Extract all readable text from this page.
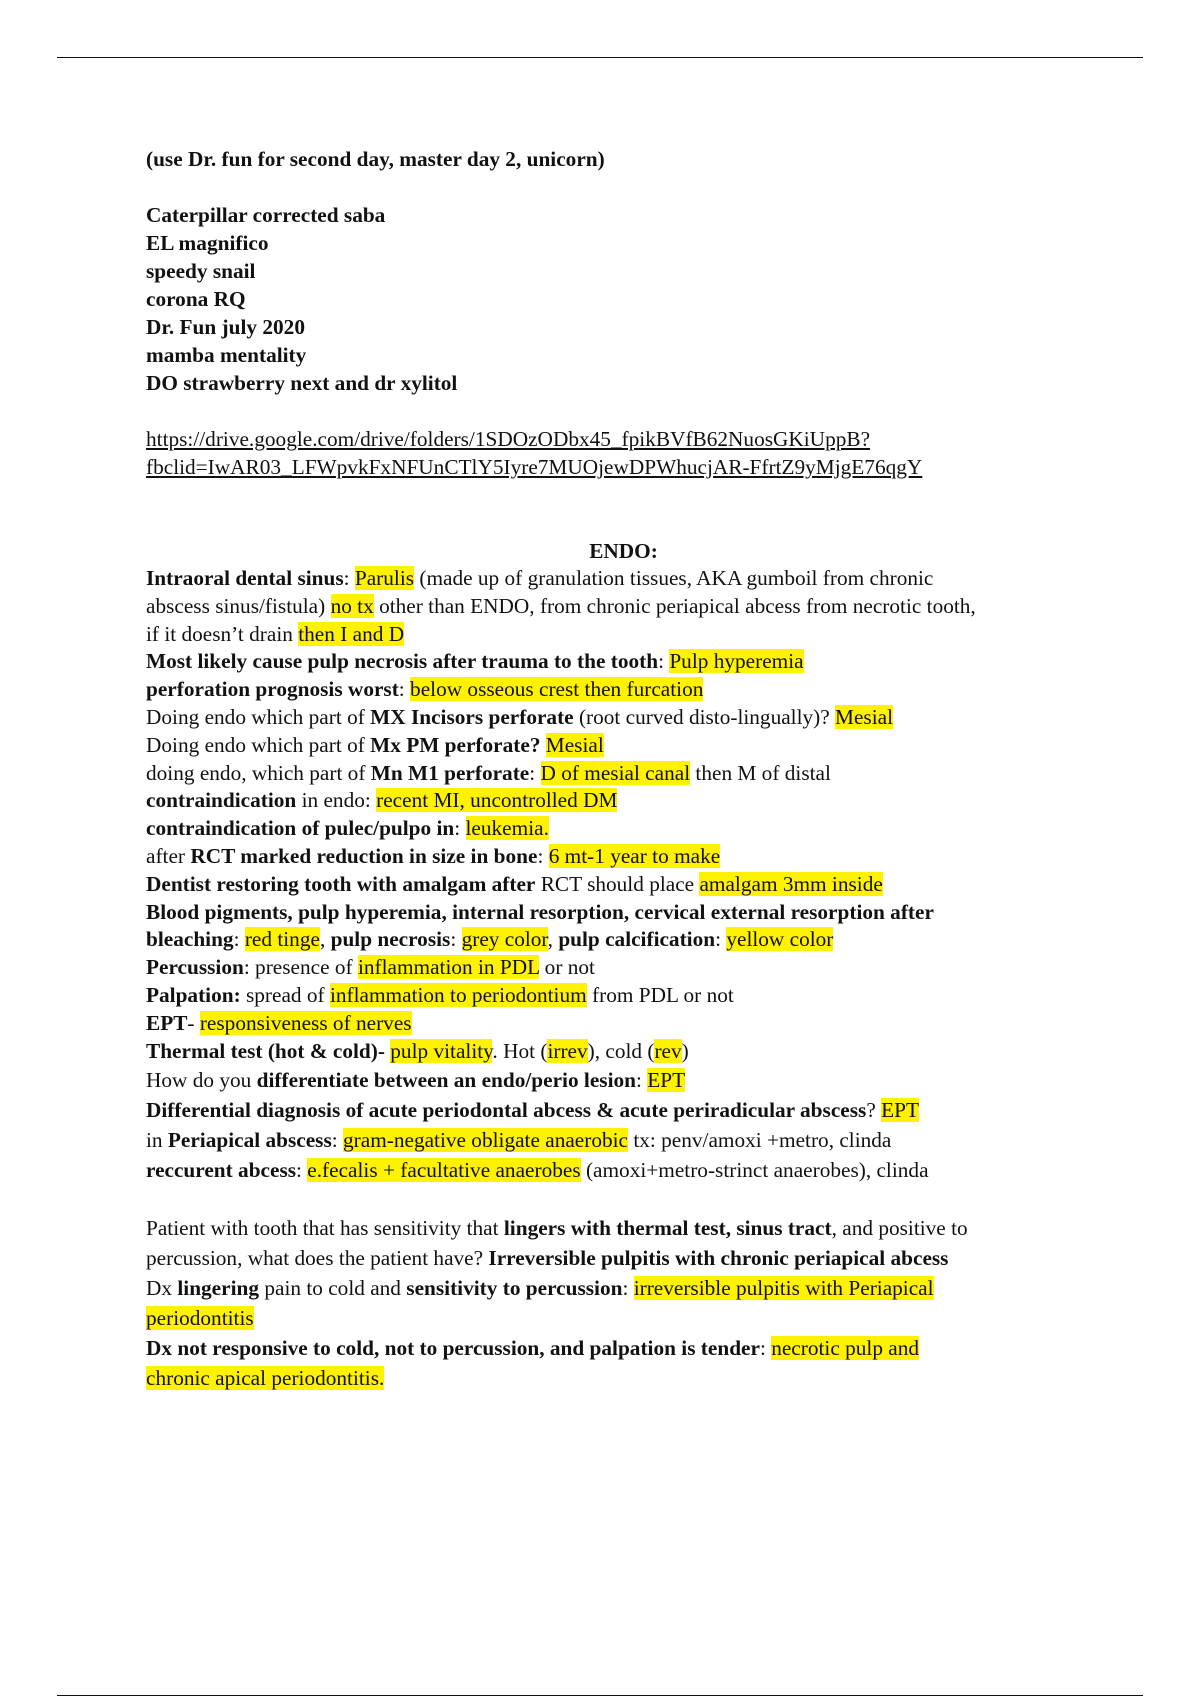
(use Dr. fun for second day, master day 2, unicorn)
Caterpillar corrected saba
EL magnifico
speedy snail
corona RQ
Dr. Fun july 2020
mamba mentality
DO strawberry next and dr xylitol
https://drive.google.com/drive/folders/1SDOzODbx45_fpikBVfB62NuosGKiUppB?
fbclid=IwAR03_LFWpvkFxNFUnCTlY5Iyre7MUOjewDPWhucjAR-FfrtZ9yMjgE76qgY
ENDO:
Intraoral dental sinus: Parulis (made up of granulation tissues, AKA gumboil from chronic
abscess sinus/fistula) no tx other than ENDO, from chronic periapical abcess from necrotic tooth,
if it doesn’t drain then I and D
Most likely cause pulp necrosis after trauma to the tooth: Pulp hyperemia
perforation prognosis worst: below osseous crest then furcation
Doing endo which part of MX Incisors perforate (root curved disto-lingually)? Mesial
Doing endo which part of Mx PM perforate? Mesial
doing endo, which part of Mn M1 perforate: D of mesial canal then M of distal
contraindication in endo: recent MI, uncontrolled DM
contraindication of pulec/pulpo in: leukemia.
after RCT marked reduction in size in bone: 6 mt-1 year to make
Dentist restoring tooth with amalgam after RCT should place amalgam 3mm inside
Blood pigments, pulp hyperemia, internal resorption, cervical external resorption after
bleaching: red tinge, pulp necrosis: grey color, pulp calcification: yellow color
Percussion: presence of inflammation in PDL or not
Palpation: spread of inflammation to periodontium from PDL or not
EPT- responsiveness of nerves
Thermal test (hot & cold)- pulp vitality. Hot (irrev), cold (rev)
How do you differentiate between an endo/perio lesion: EPT
Differential diagnosis of acute periodontal abcess & acute periradicular abscess? EPT
in Periapical abscess: gram-negative obligate anaerobic tx: penv/amoxi +metro, clinda
reccurent abcess: e.fecalis + facultative anaerobes (amoxi+metro-strinct anaerobes), clinda
Patient with tooth that has sensitivity that lingers with thermal test, sinus tract, and positive to
percussion, what does the patient have? Irreversible pulpitis with chronic periapical abcess
Dx lingering pain to cold and sensitivity to percussion: irreversible pulpitis with Periapical
periodontitis
Dx not responsive to cold, not to percussion, and palpation is tender: necrotic pulp and
chronic apical periodontitis.
